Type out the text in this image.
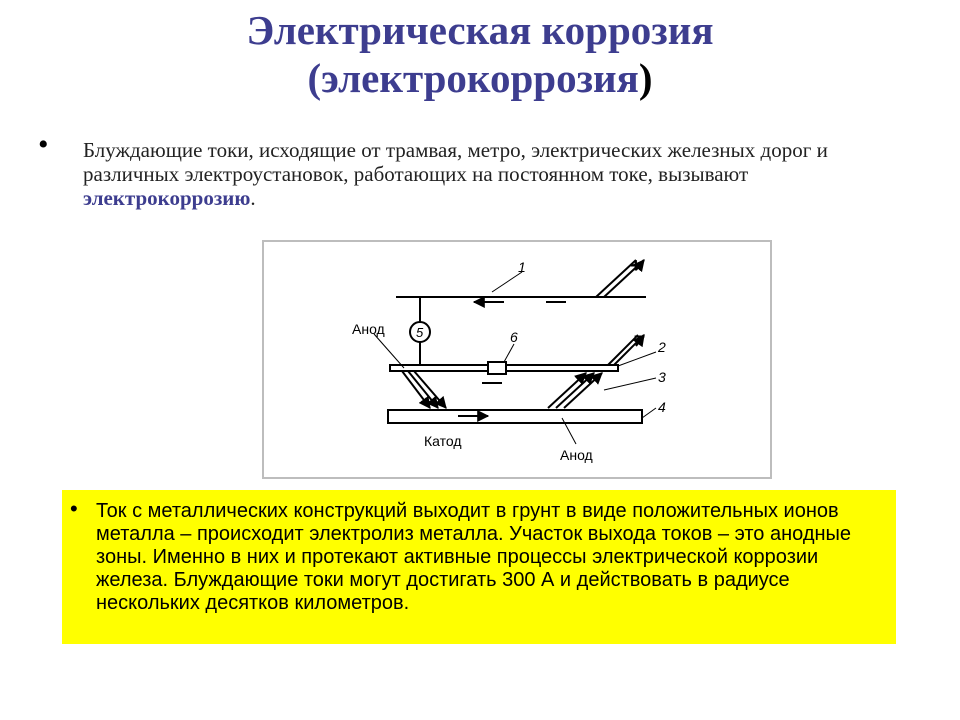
Электрическая коррозия
(электрокоррозия)
• Блуждающие токи, исходящие от трамвая, метро, электрических железных дорог и различных электроустановок, работающих на постоянном токе, вызывают электрокоррозию.
1	+
5
Анод	6	– 2
3
4
Катод
Анод
• Ток с металлических конструкций выходит в грунт в виде положительных ионов металла – происходит электролиз металла. Участок выхода токов – это анодные зоны. Именно в них и протекают активные процессы электрической коррозии железа. Блуждающие токи могут достигать 300 А и действовать в радиусе нескольких десятков километров.
